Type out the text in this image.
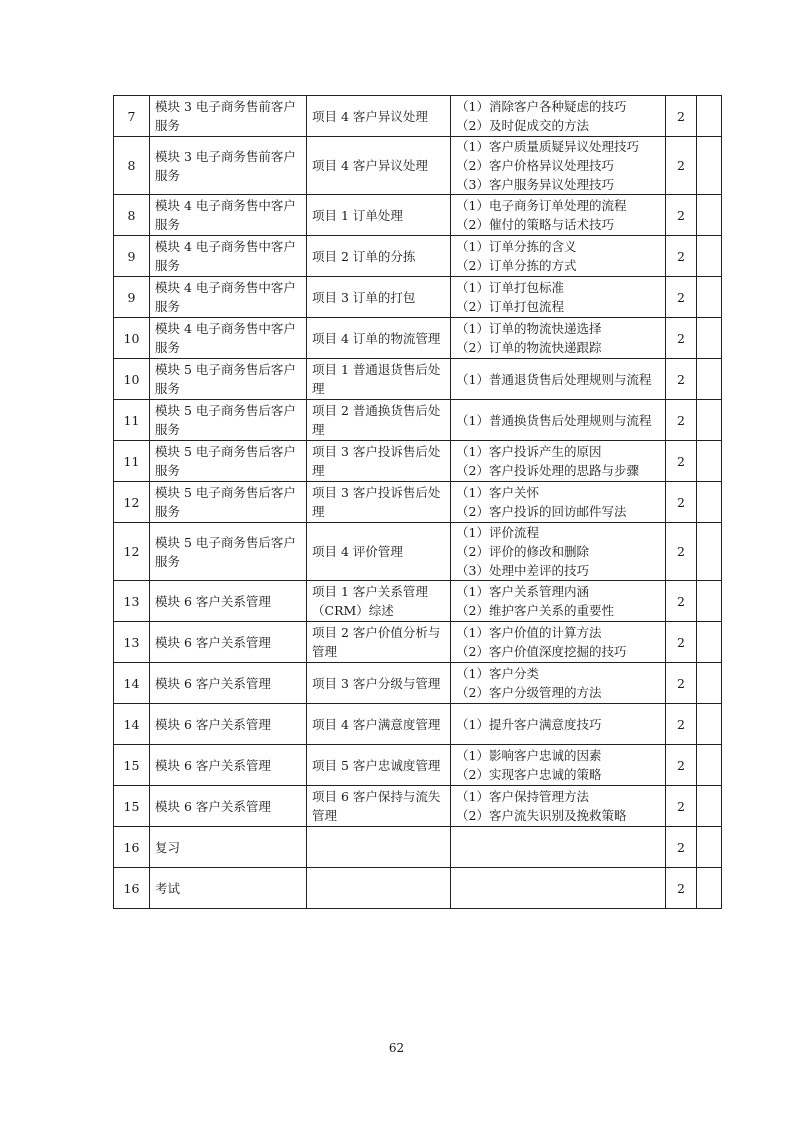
7	模块 3 电子商务售前客户服务	项目 4 客户异议处理	（1）消除客户各种疑虑的技巧
（2）及时促成交的方法	2	
8	模块 3 电子商务售前客户服务	项目 4 客户异议处理	（1）客户质量质疑异议处理技巧
（2）客户价格异议处理技巧
（3）客户服务异议处理技巧	2	
8	模块 4 电子商务售中客户服务	项目 1 订单处理	（1）电子商务订单处理的流程
（2）催付的策略与话术技巧	2	
9	模块 4 电子商务售中客户服务	项目 2 订单的分拣	（1）订单分拣的含义
（2）订单分拣的方式	2	
9	模块 4 电子商务售中客户服务	项目 3 订单的打包	（1）订单打包标准
（2）订单打包流程	2	
10	模块 4 电子商务售中客户服务	项目 4 订单的物流管理	（1）订单的物流快递选择
（2）订单的物流快递跟踪	2	
10	模块 5 电子商务售后客户服务	项目 1 普通退货售后处理	（1）普通退货售后处理规则与流程	2	
11	模块 5 电子商务售后客户服务	项目 2 普通换货售后处理	（1）普通换货售后处理规则与流程	2	
11	模块 5 电子商务售后客户服务	项目 3 客户投诉售后处理	（1）客户投诉产生的原因
（2）客户投诉处理的思路与步骤	2	
12	模块 5 电子商务售后客户服务	项目 3 客户投诉售后处理	（1）客户关怀
（2）客户投诉的回访邮件写法	2	
12	模块 5 电子商务售后客户服务	项目 4 评价管理	（1）评价流程
（2）评价的修改和删除
（3）处理中差评的技巧	2	
13	模块 6 客户关系管理	项目 1 客户关系管理（CRM）综述	（1）客户关系管理内涵
（2）维护客户关系的重要性	2	
13	模块 6 客户关系管理	项目 2 客户价值分析与管理	（1）客户价值的计算方法
（2）客户价值深度挖掘的技巧	2	
14	模块 6 客户关系管理	项目 3 客户分级与管理	（1）客户分类
（2）客户分级管理的方法	2	
14	模块 6 客户关系管理	项目 4 客户满意度管理	（1）提升客户满意度技巧	2	
15	模块 6 客户关系管理	项目 5 客户忠诚度管理	（1）影响客户忠诚的因素
（2）实现客户忠诚的策略	2	
15	模块 6 客户关系管理	项目 6 客户保持与流失管理	（1）客户保持管理方法
（2）客户流失识别及挽救策略	2	
16	复习			2	
16	考试			2	
62
